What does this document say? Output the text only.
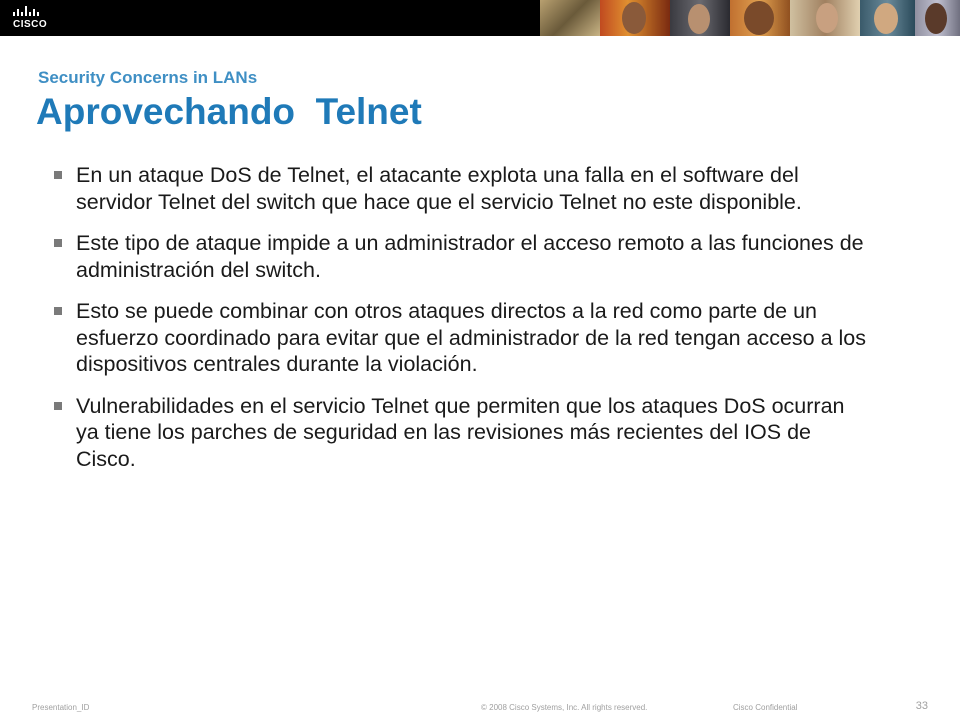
CISCO
Security Concerns in LANs
Aprovechando  Telnet
En un ataque DoS de Telnet, el atacante explota una falla en el software del servidor Telnet del switch que hace que el servicio Telnet no este disponible.
Este tipo de ataque impide a un administrador el acceso remoto a las funciones de administración del switch.
Esto se puede combinar con otros ataques directos a la red como parte de un esfuerzo coordinado para evitar que el administrador de la red tengan acceso a los dispositivos centrales durante la violación.
Vulnerabilidades en el servicio Telnet que permiten que los ataques DoS ocurran ya tiene los parches de seguridad en las revisiones más recientes del IOS de Cisco.
Presentation_ID	© 2008 Cisco Systems, Inc. All rights reserved.	Cisco Confidential	33
